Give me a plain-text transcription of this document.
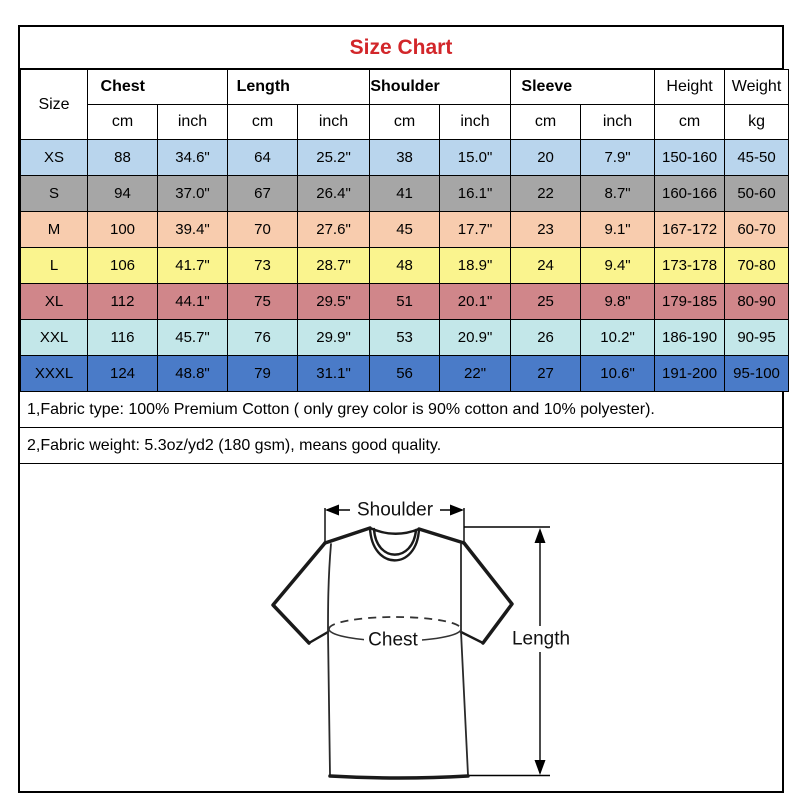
Size Chart
Size	Chest		Length		Shoulder		Sleeve		Height	Weight
	cm	inch	cm	inch	cm	inch	cm	inch	cm	kg
XS	88	34.6"	64	25.2"	38	15.0"	20	7.9"	150-160	45-50
S	94	37.0"	67	26.4"	41	16.1"	22	8.7"	160-166	50-60
M	100	39.4"	70	27.6"	45	17.7"	23	9.1"	167-172	60-70
L	106	41.7"	73	28.7"	48	18.9"	24	9.4"	173-178	70-80
XL	112	44.1"	75	29.5"	51	20.1"	25	9.8"	179-185	80-90
XXL	116	45.7"	76	29.9"	53	20.9"	26	10.2"	186-190	90-95
XXXL	124	48.8"	79	31.1"	56	22"	27	10.6"	191-200	95-100
1,Fabric type: 100% Premium Cotton ( only grey color is 90% cotton and 10% polyester).
2,Fabric weight: 5.3oz/yd2 (180 gsm), means good quality.
Shoulder
Chest	Length
